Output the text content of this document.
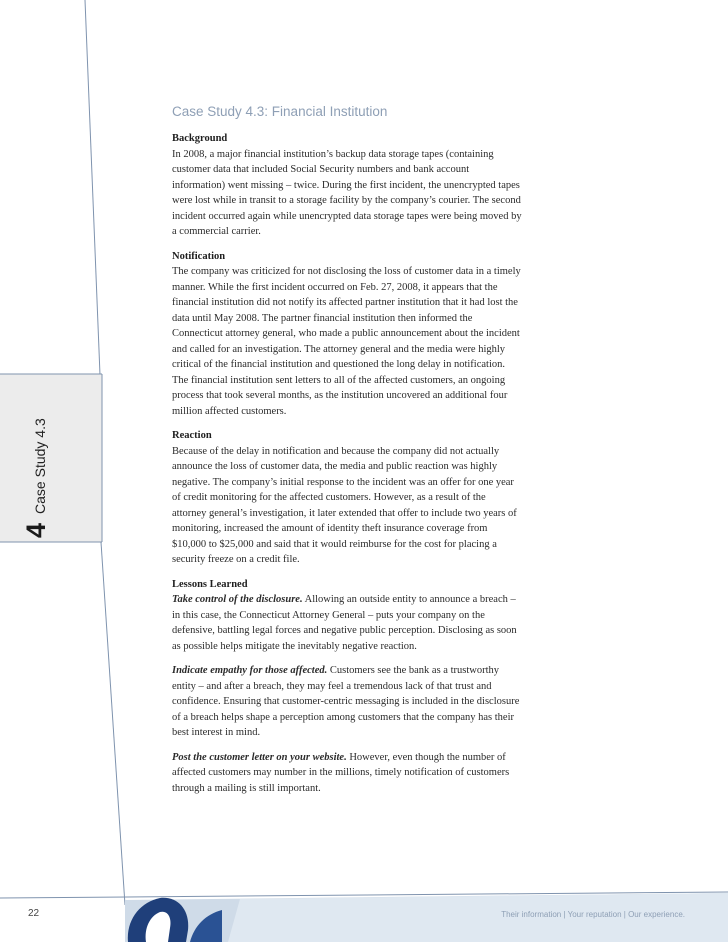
4
Case Study 4.3
Case Study 4.3: Financial Institution
Background

In 2008, a major financial institution’s backup data storage tapes (containing customer data that included Social Security numbers and bank account information) went missing – twice. During the first incident, the unencrypted tapes were lost while in transit to a storage facility by the company’s courier. The second incident occurred again while unencrypted data storage tapes were being moved by a commercial carrier.

Notification

The company was criticized for not disclosing the loss of customer data in a timely manner. While the first incident occurred on Feb. 27, 2008, it appears that the financial institution did not notify its affected partner institution that it had lost the data until May 2008. The partner financial institution then informed the Connecticut attorney general, who made a public announcement about the incident and called for an investigation. The attorney general and the media were highly critical of the financial institution and questioned the long delay in notification. The financial institution sent letters to all of the affected customers, an ongoing process that took several months, as the institution uncovered an additional four million affected customers.

Reaction

Because of the delay in notification and because the company did not actually announce the loss of customer data, the media and public reaction was highly negative. The company’s initial response to the incident was an offer for one year of credit monitoring for the affected customers. However, as a result of the attorney general’s investigation, it later extended that offer to include two years of monitoring, increased the amount of identity theft insurance coverage from $10,000 to $25,000 and said that it would reimburse for the cost for placing a security freeze on a credit file.

Lessons Learned

Take control of the disclosure. Allowing an outside entity to announce a breach – in this case, the Connecticut Attorney General – puts your company on the defensive, battling legal forces and negative public perception. Disclosing as soon as possible helps mitigate the inevitably negative reaction.

Indicate empathy for those affected. Customers see the bank as a trustworthy entity – and after a breach, they may feel a tremendous lack of that trust and confidence. Ensuring that customer-centric messaging is included in the disclosure of a breach helps shape a perception among customers that the company has their best interest in mind.

Post the customer letter on your website. However, even though the number of affected customers may number in the millions, timely notification of customers through a mailing is still important.

22	Their information | Your reputation | Our experience.
